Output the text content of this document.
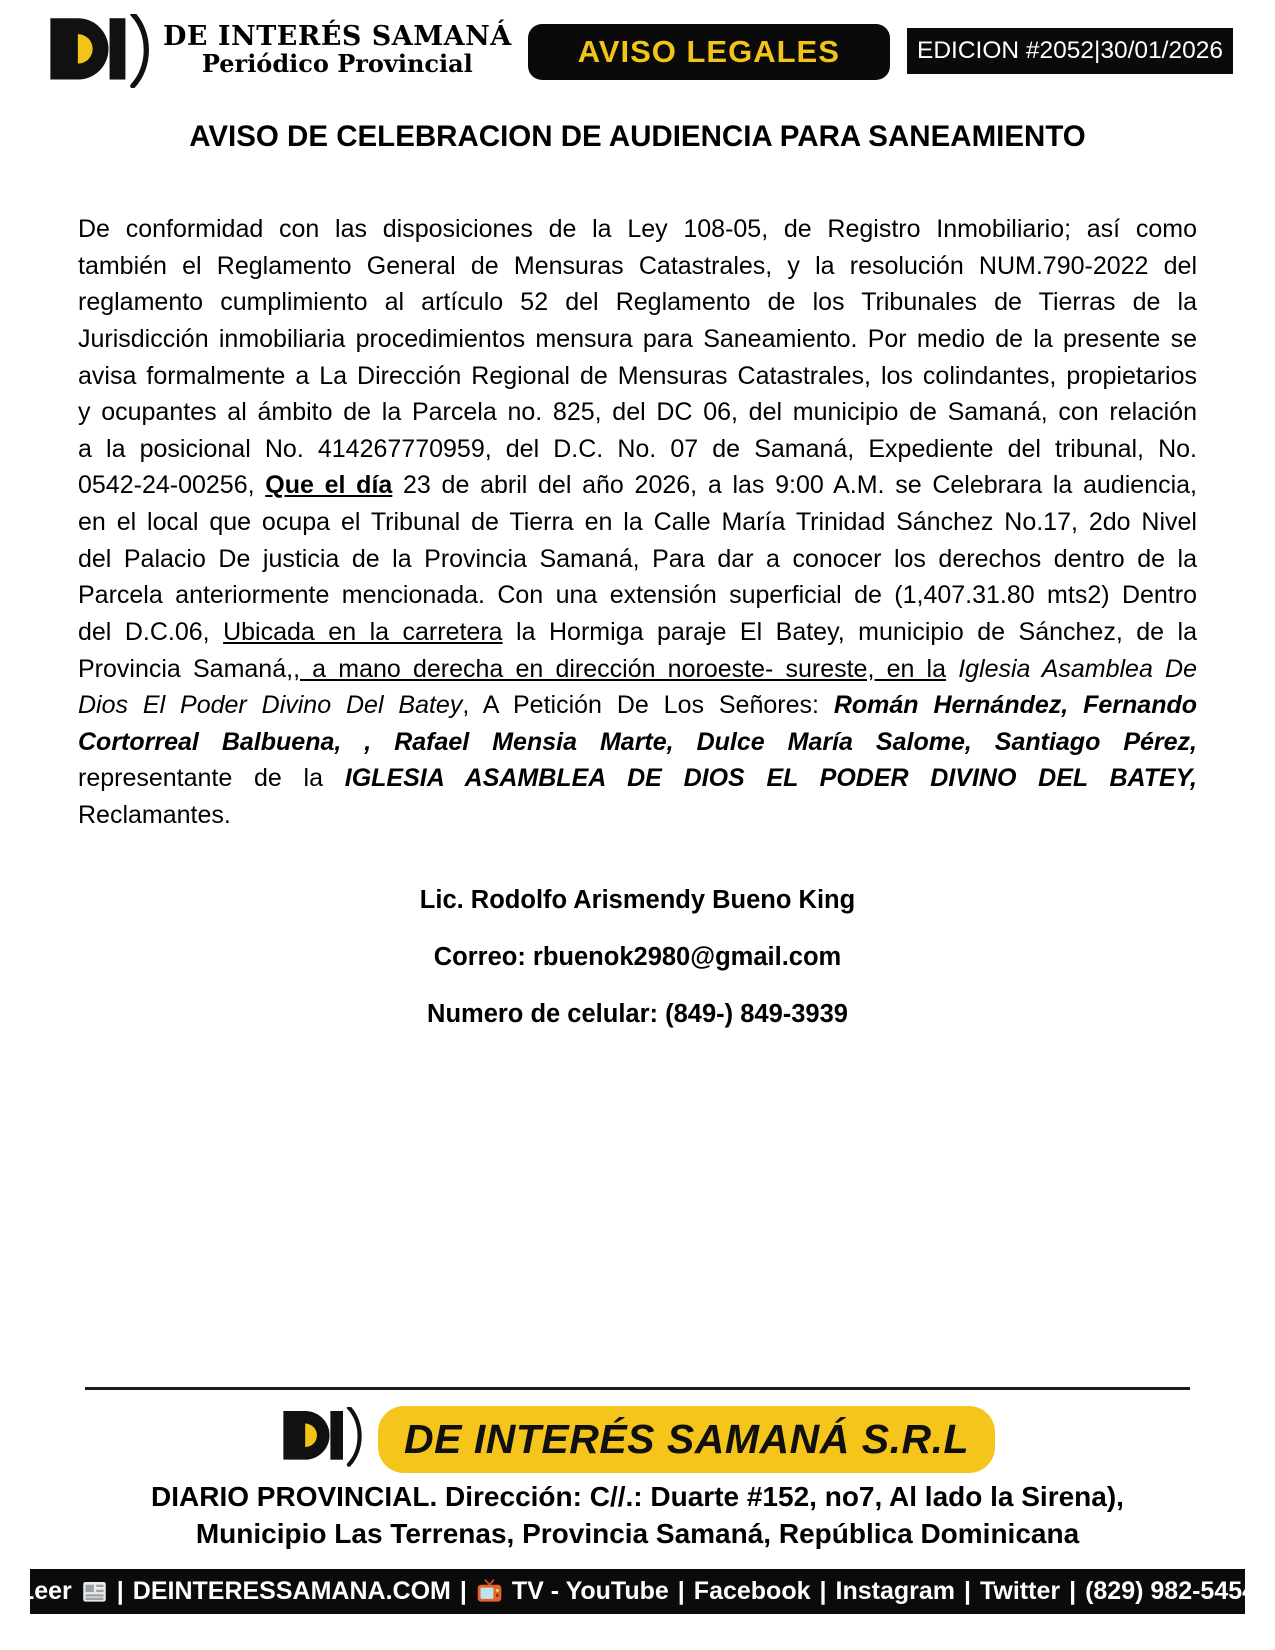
DE INTERÉS SAMANÁ
Periódico Provincial	AVISO LEGALES	EDICION #2052|30/01/2026
AVISO DE CELEBRACION DE AUDIENCIA PARA SANEAMIENTO

De conformidad con las disposiciones de la Ley 108-05, de Registro Inmobiliario; así como también el Reglamento General de Mensuras Catastrales, y la resolución NUM.790-2022 del reglamento cumplimiento al artículo 52 del Reglamento de los Tribunales de Tierras de la Jurisdicción inmobiliaria procedimientos mensura para Saneamiento. Por medio de la presente se avisa formalmente a La Dirección Regional de Mensuras Catastrales, los colindantes, propietarios y ocupantes al ámbito de la Parcela no. 825, del DC 06, del municipio de Samaná, con relación a la posicional No. 414267770959, del D.C. No. 07 de Samaná, Expediente del tribunal, No. 0542-24-00256, Que el día 23 de abril del año 2026, a las 9:00 A.M. se Celebrara la audiencia, en el local que ocupa el Tribunal de Tierra en la Calle María Trinidad Sánchez No.17, 2do Nivel del Palacio De justicia de la Provincia Samaná, Para dar a conocer los derechos dentro de la Parcela anteriormente mencionada. Con una extensión superficial de (1,407.31.80 mts2) Dentro del D.C.06, Ubicada en la carretera la Hormiga paraje El Batey, municipio de Sánchez, de la Provincia Samaná,, a mano derecha en dirección noroeste- sureste, en la Iglesia Asamblea De Dios El Poder Divino Del Batey, A Petición De Los Señores: Román Hernández, Fernando Cortorreal Balbuena, , Rafael Mensia Marte, Dulce María Salome, Santiago Pérez, representante de la IGLESIA ASAMBLEA DE DIOS EL PODER DIVINO DEL BATEY, Reclamantes.

Lic. Rodolfo Arismendy Bueno King

Correo: rbuenok2980@gmail.com

Numero de celular: (849-) 849-3939

DE INTERÉS SAMANÁ S.R.L
DIARIO PROVINCIAL. Dirección: C//.: Duarte #152, no7, Al lado la Sirena),
Municipio Las Terrenas, Provincia Samaná, República Dominicana
Leer | DEINTERESSAMANA.COM | TV - YouTube | Facebook | Instagram | Twitter | (829) 982-5454
